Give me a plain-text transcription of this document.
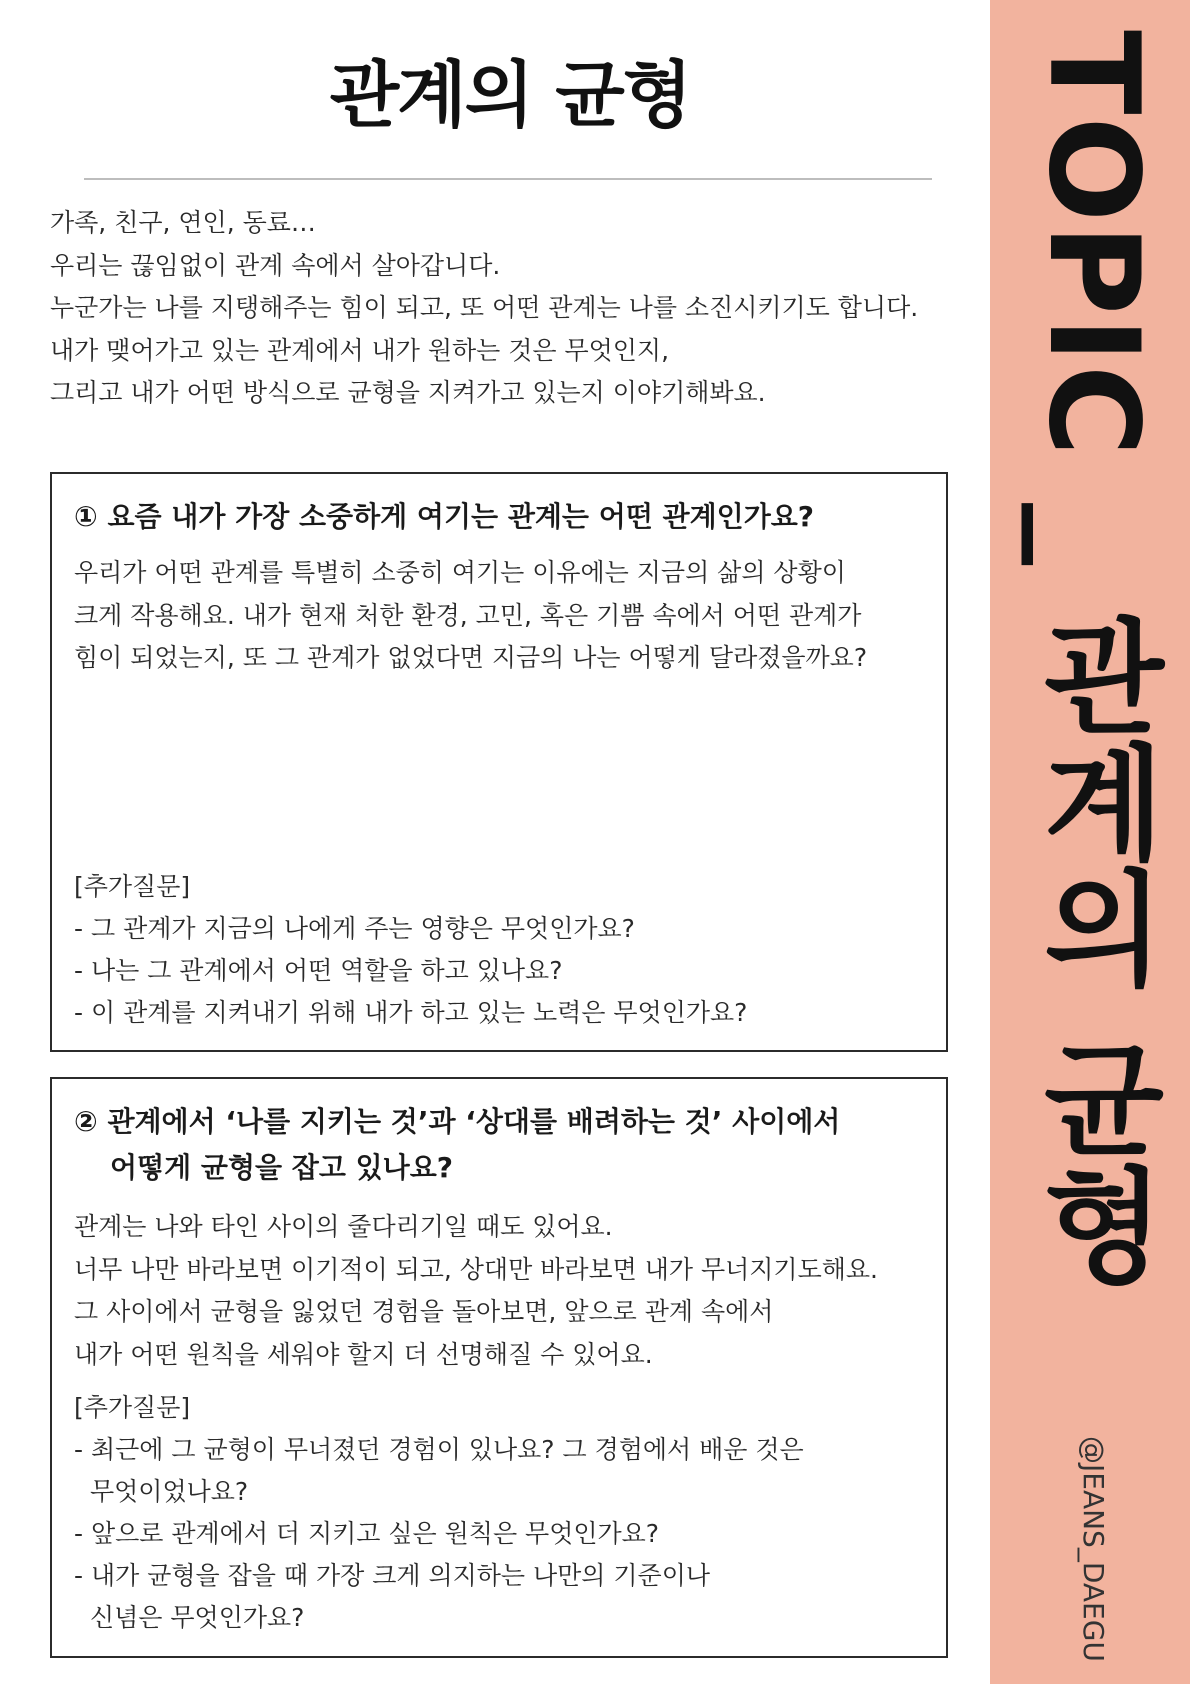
관계의 균형
가족, 친구, 연인, 동료…
우리는 끊임없이 관계 속에서 살아갑니다.
누군가는 나를 지탱해주는 힘이 되고, 또 어떤 관계는 나를 소진시키기도 합니다.
내가 맺어가고 있는 관계에서 내가 원하는 것은 무엇인지,
그리고 내가 어떤 방식으로 균형을 지켜가고 있는지 이야기해봐요.
① 요즘 내가 가장 소중하게 여기는 관계는 어떤 관계인가요?
우리가 어떤 관계를 특별히 소중히 여기는 이유에는 지금의 삶의 상황이
크게 작용해요. 내가 현재 처한 환경, 고민, 혹은 기쁨 속에서 어떤 관계가
힘이 되었는지, 또 그 관계가 없었다면 지금의 나는 어떻게 달라졌을까요?
[추가질문]
- 그 관계가 지금의 나에게 주는 영향은 무엇인가요?
- 나는 그 관계에서 어떤 역할을 하고 있나요?
- 이 관계를 지켜내기 위해 내가 하고 있는 노력은 무엇인가요?
② 관계에서 ‘나를 지키는 것’과 ‘상대를 배려하는 것’ 사이에서
어떻게 균형을 잡고 있나요?
관계는 나와 타인 사이의 줄다리기일 때도 있어요.
너무 나만 바라보면 이기적이 되고, 상대만 바라보면 내가 무너지기도해요.
그 사이에서 균형을 잃었던 경험을 돌아보면, 앞으로 관계 속에서
내가 어떤 원칙을 세워야 할지 더 선명해질 수 있어요.
[추가질문]
- 최근에 그 균형이 무너졌던 경험이 있나요? 그 경험에서 배운 것은
무엇이었나요?
- 앞으로 관계에서 더 지키고 싶은 원칙은 무엇인가요?
- 내가 균형을 잡을 때 가장 크게 의지하는 나만의 기준이나
신념은 무엇인가요?
TOPIC _ 관계의 균형
@JEANS_DAEGU
